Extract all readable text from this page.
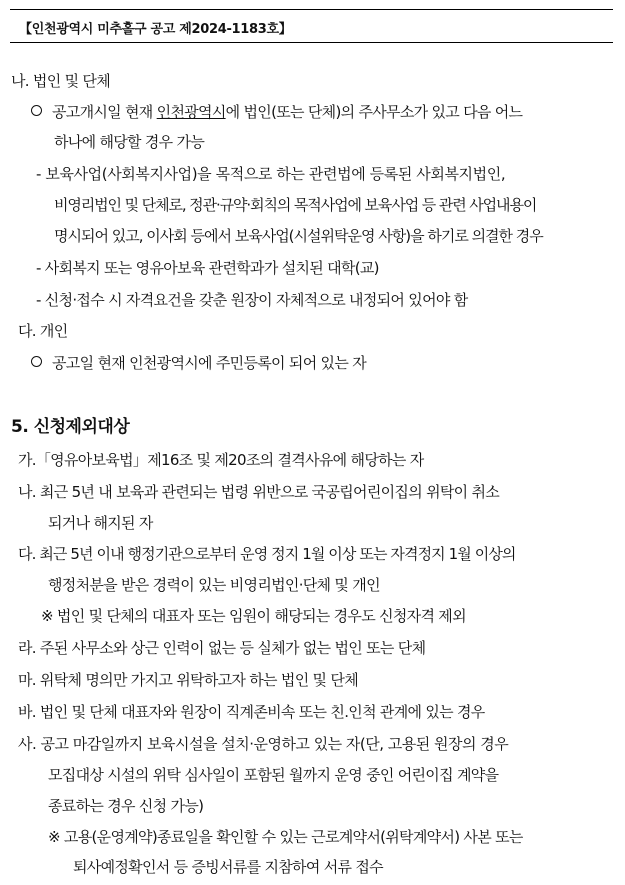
【인천광역시 미추홀구 공고 제2024-1183호】
나. 법인 및 단체
공고개시일 현재 인천광역시에 법인(또는 단체)의 주사무소가 있고 다음 어느
하나에 해당할 경우 가능
- 보육사업(사회복지사업)을 목적으로 하는 관련법에 등록된 사회복지법인,
비영리법인 및 단체로, 정관·규약·회칙의 목적사업에 보육사업 등 관련 사업내용이
명시되어 있고, 이사회 등에서 보육사업(시설위탁운영 사항)을 하기로 의결한 경우
- 사회복지 또는 영유아보육 관련학과가 설치된 대학(교)
- 신청·접수 시 자격요건을 갖춘 원장이 자체적으로 내정되어 있어야 함
다. 개인
공고일 현재 인천광역시에 주민등록이 되어 있는 자
5. 신청제외대상
가.「영유아보육법」제16조 및 제20조의 결격사유에 해당하는 자
나. 최근 5년 내 보육과 관련되는 법령 위반으로 국공립어린이집의 위탁이 취소
되거나 해지된 자
다. 최근 5년 이내 행정기관으로부터 운영 정지 1월 이상 또는 자격정지 1월 이상의
행정처분을 받은 경력이 있는 비영리법인·단체 및 개인
※ 법인 및 단체의 대표자 또는 임원이 해당되는 경우도 신청자격 제외
라. 주된 사무소와 상근 인력이 없는 등 실체가 없는 법인 또는 단체
마. 위탁체 명의만 가지고 위탁하고자 하는 법인 및 단체
바. 법인 및 단체 대표자와 원장이 직계존비속 또는 친.인척 관계에 있는 경우
사. 공고 마감일까지 보육시설을 설치·운영하고 있는 자(단, 고용된 원장의 경우
모집대상 시설의 위탁 심사일이 포함된 월까지 운영 중인 어린이집 계약을
종료하는 경우 신청 가능)
※ 고용(운영계약)종료일을 확인할 수 있는 근로계약서(위탁계약서) 사본 또는
퇴사예정확인서 등 증빙서류를 지참하여 서류 접수
